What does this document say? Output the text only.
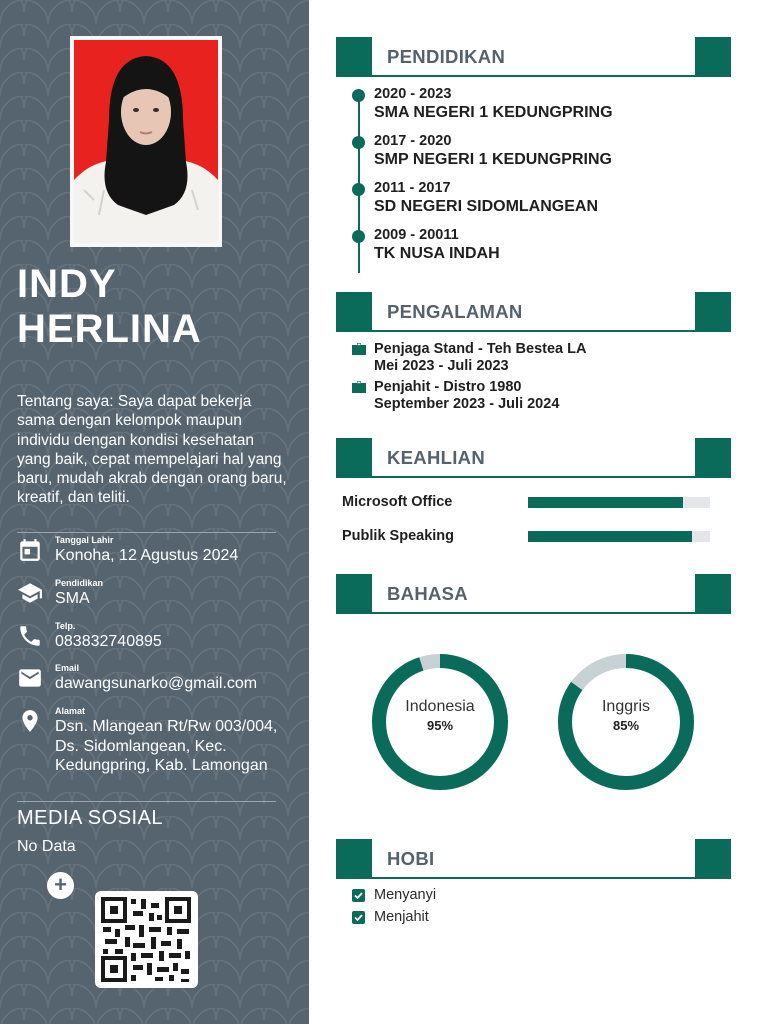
INDY
HERLINA
Tentang saya: Saya dapat bekerja sama dengan kelompok maupun individu dengan kondisi kesehatan yang baik, cepat mempelajari hal yang baru, mudah akrab dengan orang baru, kreatif, dan teliti.
Tanggal Lahir
Konoha, 12 Agustus 2024
Pendidikan
SMA
Telp.
083832740895
Email
dawangsunarko@gmail.com
Alamat
Dsn. Mlangean Rt/Rw 003/004, Ds. Sidomlangean, Kec. Kedungpring, Kab. Lamongan
MEDIA SOSIAL
No Data
+
PENDIDIKAN
2020 - 2023
SMA NEGERI 1 KEDUNGPRING
2017 - 2020
SMP NEGERI 1 KEDUNGPRING
2011 - 2017
SD NEGERI SIDOMLANGEAN
2009 - 20011
TK NUSA INDAH
PENGALAMAN
Penjaga Stand - Teh Bestea LA
Mei 2023 - Juli 2023
Penjahit - Distro 1980
September 2023 - Juli 2024
KEAHLIAN
Microsoft Office
Publik Speaking
BAHASA
Indonesia
95%
Inggris
85%
HOBI
Menyanyi
Menjahit
